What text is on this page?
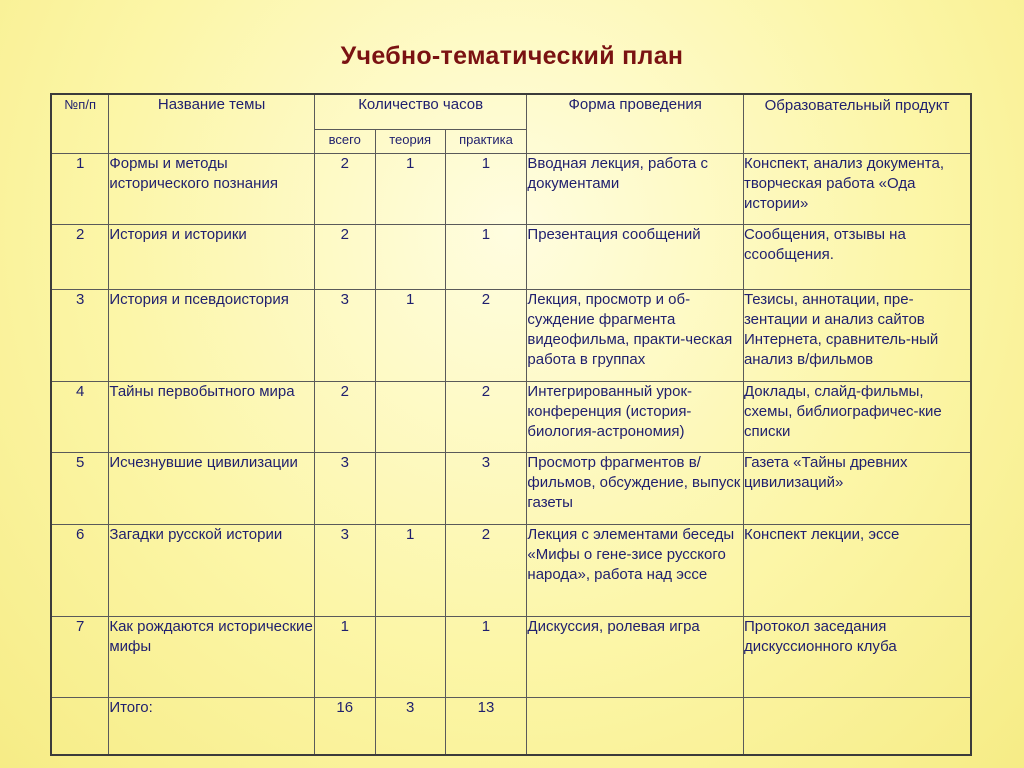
Учебно-тематический план
№п/п	Название темы	Количество часов			Форма проведения	Образовательный продукт
		всего	теория	практика		
1	Формы и методы исторического познания	2	1	1	Вводная лекция, работа с документами	Конспект, анализ документа, творческая работа «Ода истории»
2	История и историки	2		1	Презентация сообщений	Сообщения, отзывы на ссообщения.
3	История и псевдоистория	3	1	2	Лекция, просмотр и об-суждение фрагмента видеофильма, практи-ческая работа в группах	Тезисы, аннотации, пре-зентации и анализ сайтов Интернета, сравнитель-ный анализ в/фильмов
4	Тайны первобытного мира	2		2	Интегрированный урок-конференция (история-биология-астрономия)	Доклады, слайд-фильмы, схемы, библиографичес-кие списки
5	Исчезнувшие цивилизации	3		3	Просмотр фрагментов в/фильмов, обсуждение, выпуск газеты	Газета «Тайны древних цивилизаций»
6	Загадки русской истории	3	1	2	Лекция с элементами беседы «Мифы о гене-зисе русского народа», работа над эссе	Конспект лекции, эссе
7	Как рождаются исторические мифы	1		1	Дискуссия, ролевая игра	Протокол заседания дискуссионного клуба
	Итого:	16	3	13		
